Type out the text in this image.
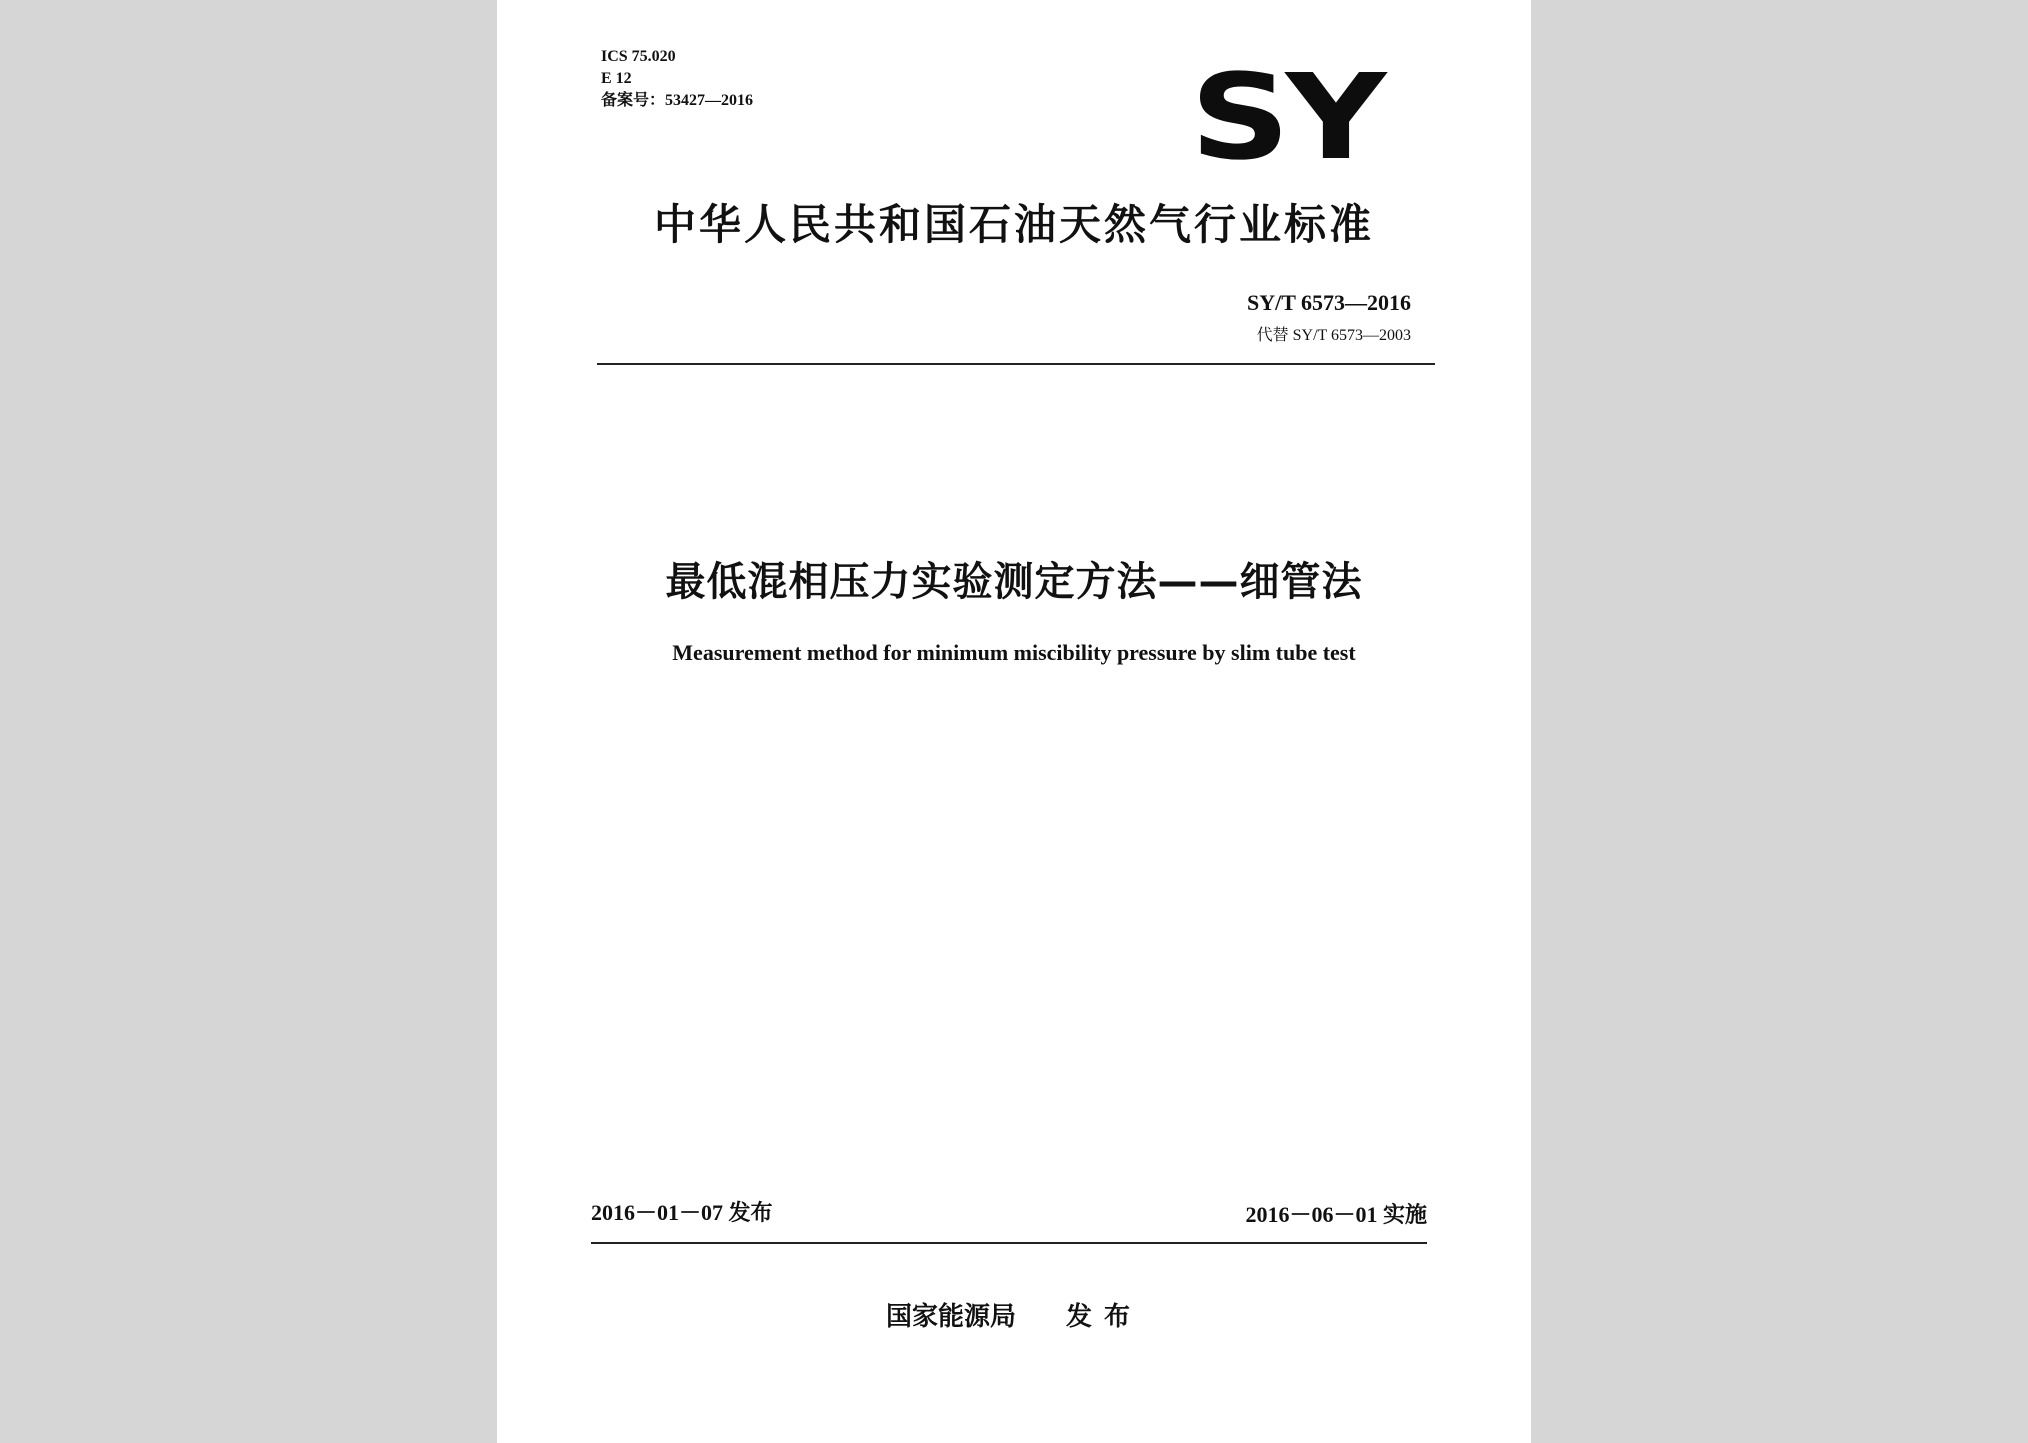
ICS 75.020
E 12
备案号：53427—2016	SY
中华人民共和国石油天然气行业标准
SY/T 6573—2016
代替 SY/T 6573—2003
最低混相压力实验测定方法——细管法
Measurement method for minimum miscibility pressure by slim tube test
2016－01－07 发布	2016－06－01 实施
国家能源局 发布
